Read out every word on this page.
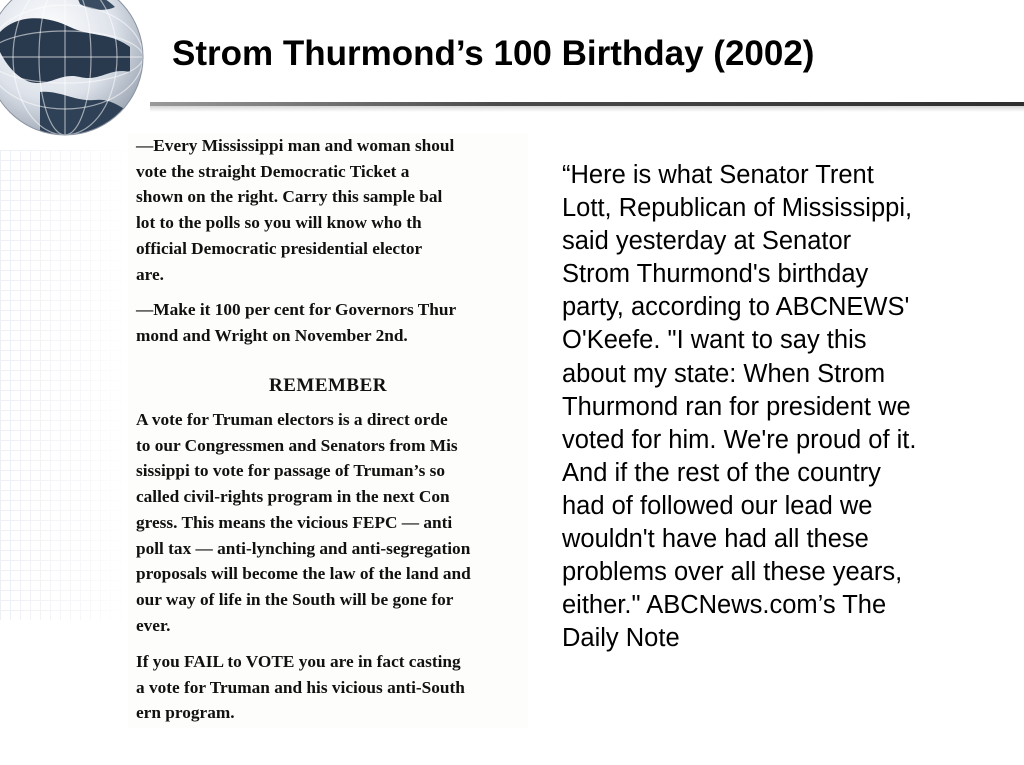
Strom Thurmond’s 100 Birthday (2002)

—Every Mississippi man and woman shoul
vote the straight Democratic Ticket a
shown on the right. Carry this sample bal
lot to the polls so you will know who th
official Democratic presidential elector
are.

—Make it 100 per cent for Governors Thur
mond and Wright on November 2nd.

REMEMBER

A vote for Truman electors is a direct orde
to our Congressmen and Senators from Mis
sissippi to vote for passage of Truman’s so
called civil-rights program in the next Con
gress. This means the vicious FEPC — anti
poll tax — anti-lynching and anti-segregation
proposals will become the law of the land and
our way of life in the South will be gone for
ever.

If you FAIL to VOTE you are in fact casting
a vote for Truman and his vicious anti-South
ern program.

“Here is what Senator Trent
Lott, Republican of Mississippi,
said yesterday at Senator
Strom Thurmond's birthday
party, according to ABCNEWS'
O'Keefe. "I want to say this
about my state: When Strom
Thurmond ran for president we
voted for him. We're proud of it.
And if the rest of the country
had of followed our lead we
wouldn't have had all these
problems over all these years,
either." ABCNews.com’s The
Daily Note
